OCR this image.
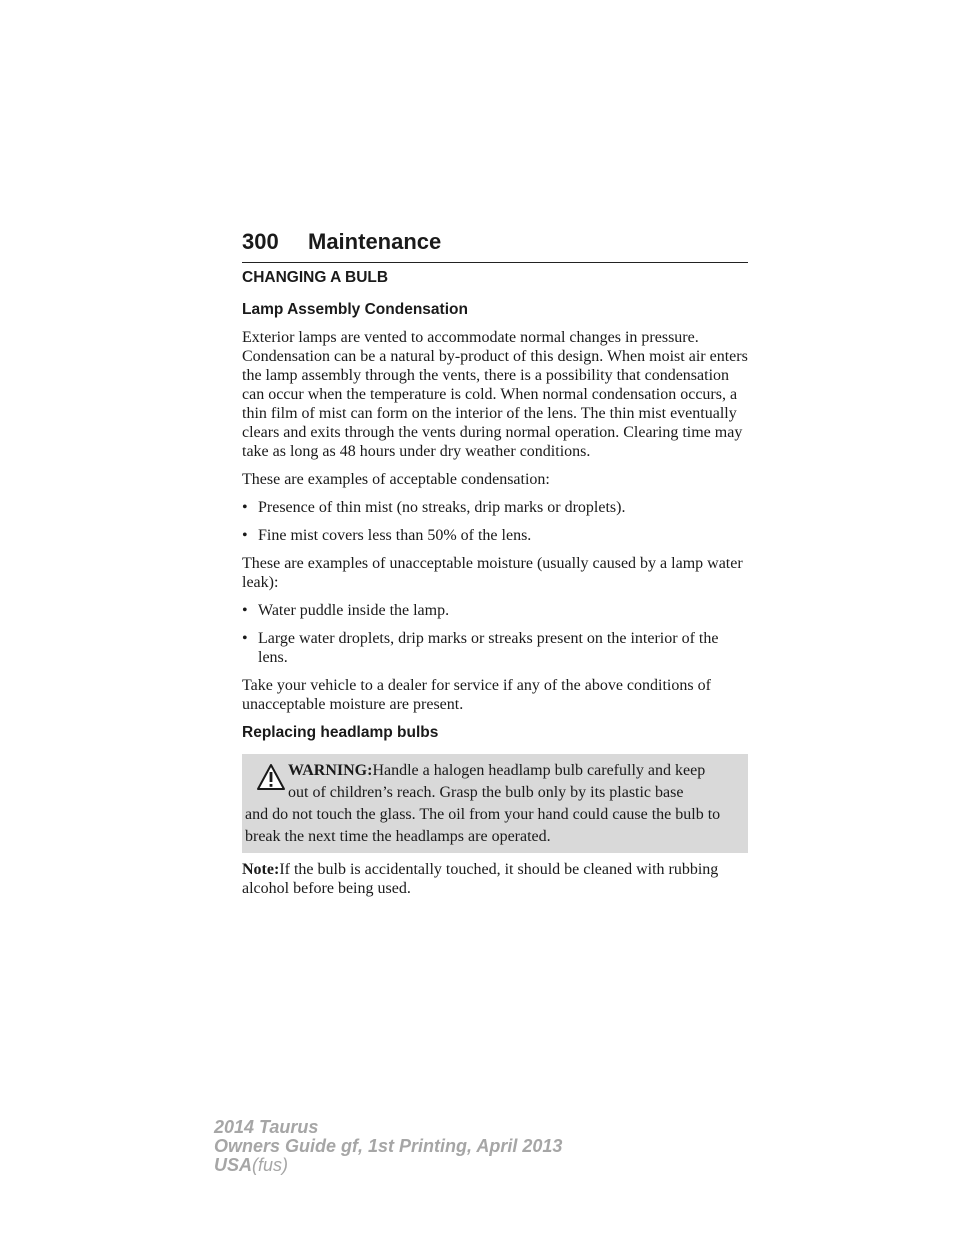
300 Maintenance
CHANGING A BULB
Lamp Assembly Condensation

Exterior lamps are vented to accommodate normal changes in pressure. Condensation can be a natural by-product of this design. When moist air enters the lamp assembly through the vents, there is a possibility that condensation can occur when the temperature is cold. When normal condensation occurs, a thin film of mist can form on the interior of the lens. The thin mist eventually clears and exits through the vents during normal operation. Clearing time may take as long as 48 hours under dry weather conditions.

These are examples of acceptable condensation:

• Presence of thin mist (no streaks, drip marks or droplets).
• Fine mist covers less than 50% of the lens.

These are examples of unacceptable moisture (usually caused by a lamp water leak):

• Water puddle inside the lamp.
• Large water droplets, drip marks or streaks present on the interior of the lens.

Take your vehicle to a dealer for service if any of the above conditions of unacceptable moisture are present.

Replacing headlamp bulbs
WARNING:Handle a halogen headlamp bulb carefully and keep
out of children’s reach. Grasp the bulb only by its plastic base
and do not touch the glass. The oil from your hand could cause the bulb to break the next time the headlamps are operated.

Note:If the bulb is accidentally touched, it should be cleaned with rubbing alcohol before being used.

2014 Taurus
Owners Guide gf, 1st Printing, April 2013
USA(fus)
